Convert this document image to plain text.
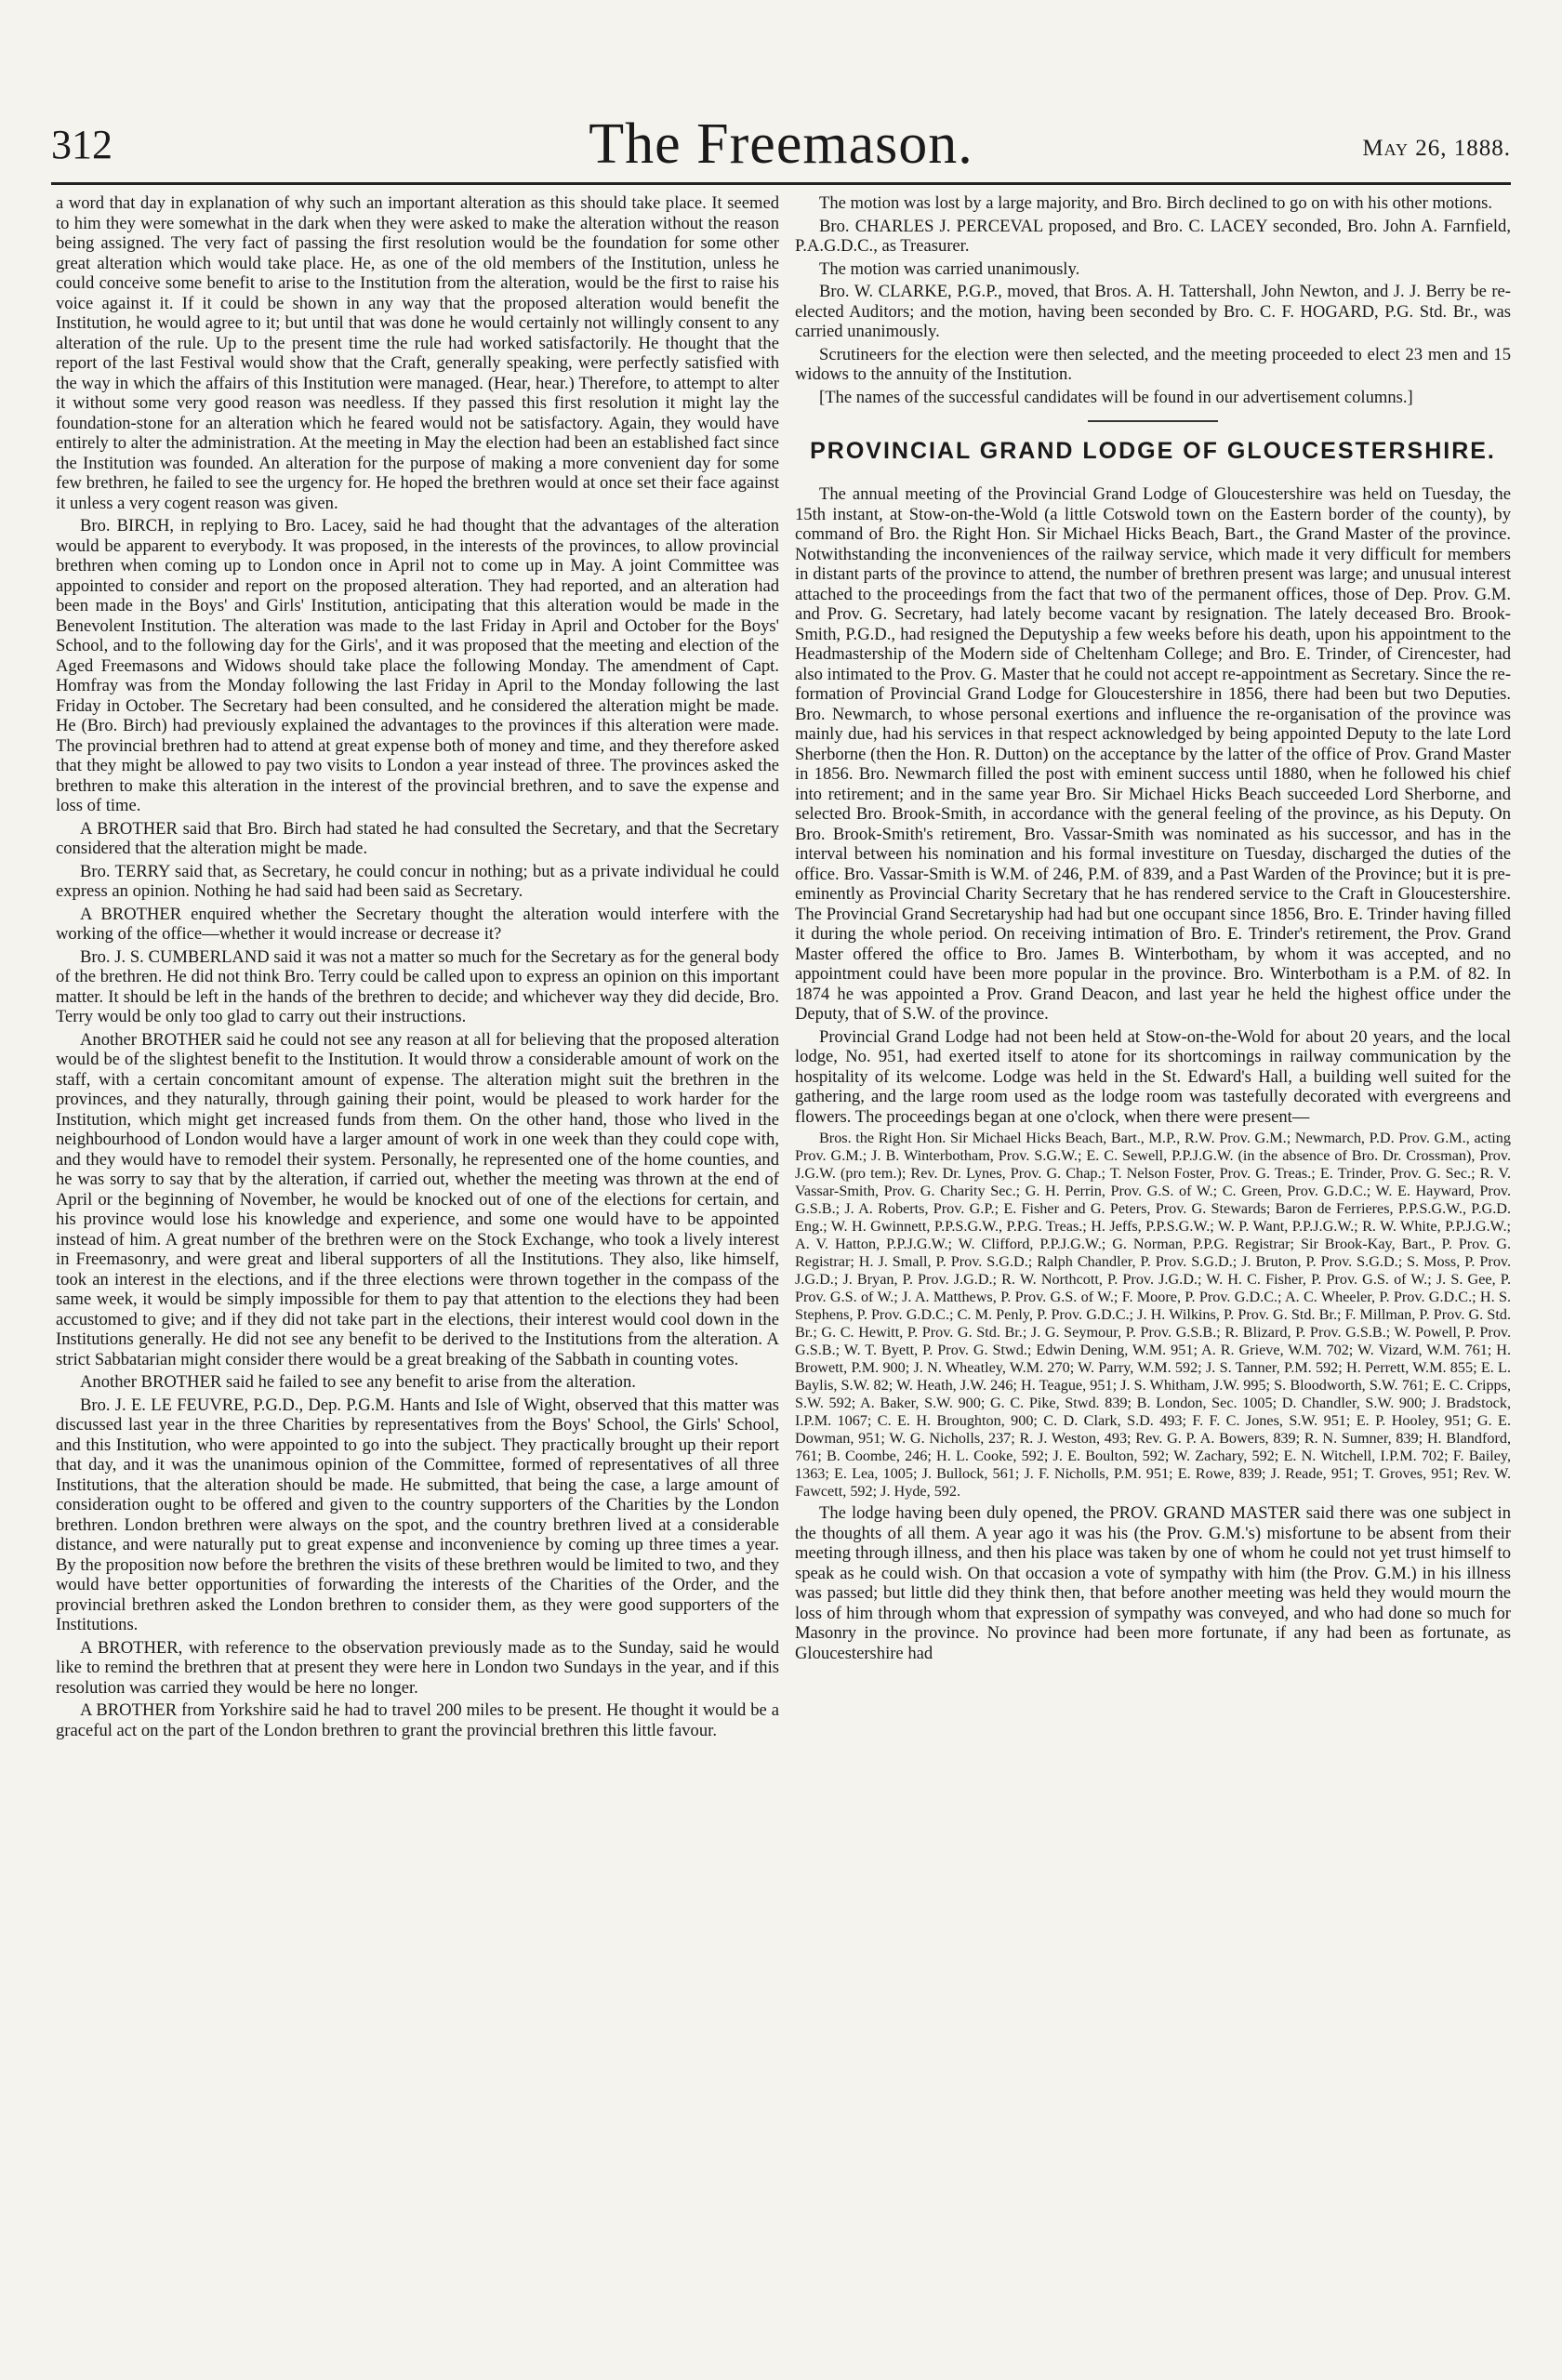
312	The Freemason.	May 26, 1888.

a word that day in explanation of why such an important alteration as this should take place. It seemed to him they were somewhat in the dark when they were asked to make the alteration without the reason being assigned. The very fact of passing the first resolution would be the foundation for some other great alteration which would take place. He, as one of the old members of the Institution, unless he could conceive some benefit to arise to the Institution from the alteration, would be the first to raise his voice against it. If it could be shown in any way that the proposed alteration would benefit the Institution, he would agree to it; but until that was done he would certainly not willingly consent to any alteration of the rule. Up to the present time the rule had worked satisfactorily. He thought that the report of the last Festival would show that the Craft, generally speaking, were perfectly satisfied with the way in which the affairs of this Institution were managed. (Hear, hear.) Therefore, to attempt to alter it without some very good reason was needless. If they passed this first resolution it might lay the foundation-stone for an alteration which he feared would not be satisfactory. Again, they would have entirely to alter the administration. At the meeting in May the election had been an established fact since the Institution was founded. An alteration for the purpose of making a more convenient day for some few brethren, he failed to see the urgency for. He hoped the brethren would at once set their face against it unless a very cogent reason was given.

Bro. BIRCH, in replying to Bro. Lacey, said he had thought that the advantages of the alteration would be apparent to everybody. It was proposed, in the interests of the provinces, to allow provincial brethren when coming up to London once in April not to come up in May. A joint Committee was appointed to consider and report on the proposed alteration. They had reported, and an alteration had been made in the Boys' and Girls' Institution, anticipating that this alteration would be made in the Benevolent Institution. The alteration was made to the last Friday in April and October for the Boys' School, and to the following day for the Girls', and it was proposed that the meeting and election of the Aged Freemasons and Widows should take place the following Monday. The amendment of Capt. Homfray was from the Monday following the last Friday in April to the Monday following the last Friday in October. The Secretary had been consulted, and he considered the alteration might be made. He (Bro. Birch) had previously explained the advantages to the provinces if this alteration were made. The provincial brethren had to attend at great expense both of money and time, and they therefore asked that they might be allowed to pay two visits to London a year instead of three. The provinces asked the brethren to make this alteration in the interest of the provincial brethren, and to save the expense and loss of time.

A BROTHER said that Bro. Birch had stated he had consulted the Secretary, and that the Secretary considered that the alteration might be made.

Bro. TERRY said that, as Secretary, he could concur in nothing; but as a private individual he could express an opinion. Nothing he had said had been said as Secretary.

A BROTHER enquired whether the Secretary thought the alteration would interfere with the working of the office—whether it would increase or decrease it?

Bro. J. S. CUMBERLAND said it was not a matter so much for the Secretary as for the general body of the brethren. He did not think Bro. Terry could be called upon to express an opinion on this important matter. It should be left in the hands of the brethren to decide; and whichever way they did decide, Bro. Terry would be only too glad to carry out their instructions.

Another BROTHER said he could not see any reason at all for believing that the proposed alteration would be of the slightest benefit to the Institution. It would throw a considerable amount of work on the staff, with a certain concomitant amount of expense. The alteration might suit the brethren in the provinces, and they naturally, through gaining their point, would be pleased to work harder for the Institution, which might get increased funds from them. On the other hand, those who lived in the neighbourhood of London would have a larger amount of work in one week than they could cope with, and they would have to remodel their system. Personally, he represented one of the home counties, and he was sorry to say that by the alteration, if carried out, whether the meeting was thrown at the end of April or the beginning of November, he would be knocked out of one of the elections for certain, and his province would lose his knowledge and experience, and some one would have to be appointed instead of him. A great number of the brethren were on the Stock Exchange, who took a lively interest in Freemasonry, and were great and liberal supporters of all the Institutions. They also, like himself, took an interest in the elections, and if the three elections were thrown together in the compass of the same week, it would be simply impossible for them to pay that attention to the elections they had been accustomed to give; and if they did not take part in the elections, their interest would cool down in the Institutions generally. He did not see any benefit to be derived to the Institutions from the alteration. A strict Sabbatarian might consider there would be a great breaking of the Sabbath in counting votes.

Another BROTHER said he failed to see any benefit to arise from the alteration.

Bro. J. E. LE FEUVRE, P.G.D., Dep. P.G.M. Hants and Isle of Wight, observed that this matter was discussed last year in the three Charities by representatives from the Boys' School, the Girls' School, and this Institution, who were appointed to go into the subject. They practically brought up their report that day, and it was the unanimous opinion of the Committee, formed of representatives of all three Institutions, that the alteration should be made. He submitted, that being the case, a large amount of consideration ought to be offered and given to the country supporters of the Charities by the London brethren. London brethren were always on the spot, and the country brethren lived at a considerable distance, and were naturally put to great expense and inconvenience by coming up three times a year. By the proposition now before the brethren the visits of these brethren would be limited to two, and they would have better opportunities of forwarding the interests of the Charities of the Order, and the provincial brethren asked the London brethren to consider them, as they were good supporters of the Institutions.

A BROTHER, with reference to the observation previously made as to the Sunday, said he would like to remind the brethren that at present they were here in London two Sundays in the year, and if this resolution was carried they would be here no longer.

A BROTHER from Yorkshire said he had to travel 200 miles to be present. He thought it would be a graceful act on the part of the London brethren to grant the provincial brethren this little favour.

The motion was lost by a large majority, and Bro. Birch declined to go on with his other motions.

Bro. CHARLES J. PERCEVAL proposed, and Bro. C. LACEY seconded, Bro. John A. Farnfield, P.A.G.D.C., as Treasurer.

The motion was carried unanimously.

Bro. W. CLARKE, P.G.P., moved, that Bros. A. H. Tattershall, John Newton, and J. J. Berry be re-elected Auditors; and the motion, having been seconded by Bro. C. F. HOGARD, P.G. Std. Br., was carried unanimously.

Scrutineers for the election were then selected, and the meeting proceeded to elect 23 men and 15 widows to the annuity of the Institution.

[The names of the successful candidates will be found in our advertisement columns.]

PROVINCIAL GRAND LODGE OF GLOUCESTERSHIRE.

The annual meeting of the Provincial Grand Lodge of Gloucestershire was held on Tuesday, the 15th instant, at Stow-on-the-Wold (a little Cotswold town on the Eastern border of the county), by command of Bro. the Right Hon. Sir Michael Hicks Beach, Bart., the Grand Master of the province. Notwithstanding the inconveniences of the railway service, which made it very difficult for members in distant parts of the province to attend, the number of brethren present was large; and unusual interest attached to the proceedings from the fact that two of the permanent offices, those of Dep. Prov. G.M. and Prov. G. Secretary, had lately become vacant by resignation. The lately deceased Bro. Brook-Smith, P.G.D., had resigned the Deputyship a few weeks before his death, upon his appointment to the Headmastership of the Modern side of Cheltenham College; and Bro. E. Trinder, of Cirencester, had also intimated to the Prov. G. Master that he could not accept re-appointment as Secretary. Since the re-formation of Provincial Grand Lodge for Gloucestershire in 1856, there had been but two Deputies. Bro. Newmarch, to whose personal exertions and influence the re-organisation of the province was mainly due, had his services in that respect acknowledged by being appointed Deputy to the late Lord Sherborne (then the Hon. R. Dutton) on the acceptance by the latter of the office of Prov. Grand Master in 1856. Bro. Newmarch filled the post with eminent success until 1880, when he followed his chief into retirement; and in the same year Bro. Sir Michael Hicks Beach succeeded Lord Sherborne, and selected Bro. Brook-Smith, in accordance with the general feeling of the province, as his Deputy. On Bro. Brook-Smith's retirement, Bro. Vassar-Smith was nominated as his successor, and has in the interval between his nomination and his formal investiture on Tuesday, discharged the duties of the office. Bro. Vassar-Smith is W.M. of 246, P.M. of 839, and a Past Warden of the Province; but it is pre-eminently as Provincial Charity Secretary that he has rendered service to the Craft in Gloucestershire. The Provincial Grand Secretaryship had had but one occupant since 1856, Bro. E. Trinder having filled it during the whole period. On receiving intimation of Bro. E. Trinder's retirement, the Prov. Grand Master offered the office to Bro. James B. Winterbotham, by whom it was accepted, and no appointment could have been more popular in the province. Bro. Winterbotham is a P.M. of 82. In 1874 he was appointed a Prov. Grand Deacon, and last year he held the highest office under the Deputy, that of S.W. of the province.

Provincial Grand Lodge had not been held at Stow-on-the-Wold for about 20 years, and the local lodge, No. 951, had exerted itself to atone for its shortcomings in railway communication by the hospitality of its welcome. Lodge was held in the St. Edward's Hall, a building well suited for the gathering, and the large room used as the lodge room was tastefully decorated with evergreens and flowers. The proceedings began at one o'clock, when there were present—

Bros. the Right Hon. Sir Michael Hicks Beach, Bart., M.P., R.W. Prov. G.M.; Newmarch, P.D. Prov. G.M., acting Prov. G.M.; J. B. Winterbotham, Prov. S.G.W.; E. C. Sewell, P.P.J.G.W. (in the absence of Bro. Dr. Crossman), Prov. J.G.W. (pro tem.); Rev. Dr. Lynes, Prov. G. Chap.; T. Nelson Foster, Prov. G. Treas.; E. Trinder, Prov. G. Sec.; R. V. Vassar-Smith, Prov. G. Charity Sec.; G. H. Perrin, Prov. G.S. of W.; C. Green, Prov. G.D.C.; W. E. Hayward, Prov. G.S.B.; J. A. Roberts, Prov. G.P.; E. Fisher and G. Peters, Prov. G. Stewards; Baron de Ferrieres, P.P.S.G.W., P.G.D. Eng.; W. H. Gwinnett, P.P.S.G.W., P.P.G. Treas.; H. Jeffs, P.P.S.G.W.; W. P. Want, P.P.J.G.W.; R. W. White, P.P.J.G.W.; A. V. Hatton, P.P.J.G.W.; W. Clifford, P.P.J.G.W.; G. Norman, P.P.G. Registrar; Sir Brook-Kay, Bart., P. Prov. G. Registrar; H. J. Small, P. Prov. S.G.D.; Ralph Chandler, P. Prov. S.G.D.; J. Bruton, P. Prov. S.G.D.; S. Moss, P. Prov. J.G.D.; J. Bryan, P. Prov. J.G.D.; R. W. Northcott, P. Prov. J.G.D.; W. H. C. Fisher, P. Prov. G.S. of W.; J. S. Gee, P. Prov. G.S. of W.; J. A. Matthews, P. Prov. G.S. of W.; F. Moore, P. Prov. G.D.C.; A. C. Wheeler, P. Prov. G.D.C.; H. S. Stephens, P. Prov. G.D.C.; C. M. Penly, P. Prov. G.D.C.; J. H. Wilkins, P. Prov. G. Std. Br.; F. Millman, P. Prov. G. Std. Br.; G. C. Hewitt, P. Prov. G. Std. Br.; J. G. Seymour, P. Prov. G.S.B.; R. Blizard, P. Prov. G.S.B.; W. Powell, P. Prov. G.S.B.; W. T. Byett, P. Prov. G. Stwd.; Edwin Dening, W.M. 951; A. R. Grieve, W.M. 702; W. Vizard, W.M. 761; H. Browett, P.M. 900; J. N. Wheatley, W.M. 270; W. Parry, W.M. 592; J. S. Tanner, P.M. 592; H. Perrett, W.M. 855; E. L. Baylis, S.W. 82; W. Heath, J.W. 246; H. Teague, 951; J. S. Whitham, J.W. 995; S. Bloodworth, S.W. 761; E. C. Cripps, S.W. 592; A. Baker, S.W. 900; G. C. Pike, Stwd. 839; B. London, Sec. 1005; D. Chandler, S.W. 900; J. Bradstock, I.P.M. 1067; C. E. H. Broughton, 900; C. D. Clark, S.D. 493; F. F. C. Jones, S.W. 951; E. P. Hooley, 951; G. E. Dowman, 951; W. G. Nicholls, 237; R. J. Weston, 493; Rev. G. P. A. Bowers, 839; R. N. Sumner, 839; H. Blandford, 761; B. Coombe, 246; H. L. Cooke, 592; J. E. Boulton, 592; W. Zachary, 592; E. N. Witchell, I.P.M. 702; F. Bailey, 1363; E. Lea, 1005; J. Bullock, 561; J. F. Nicholls, P.M. 951; E. Rowe, 839; J. Reade, 951; T. Groves, 951; Rev. W. Fawcett, 592; J. Hyde, 592.

The lodge having been duly opened, the PROV. GRAND MASTER said there was one subject in the thoughts of all them. A year ago it was his (the Prov. G.M.'s) misfortune to be absent from their meeting through illness, and then his place was taken by one of whom he could not yet trust himself to speak as he could wish. On that occasion a vote of sympathy with him (the Prov. G.M.) in his illness was passed; but little did they think then, that before another meeting was held they would mourn the loss of him through whom that expression of sympathy was conveyed, and who had done so much for Masonry in the province. No province had been more fortunate, if any had been as fortunate, as Gloucestershire had
